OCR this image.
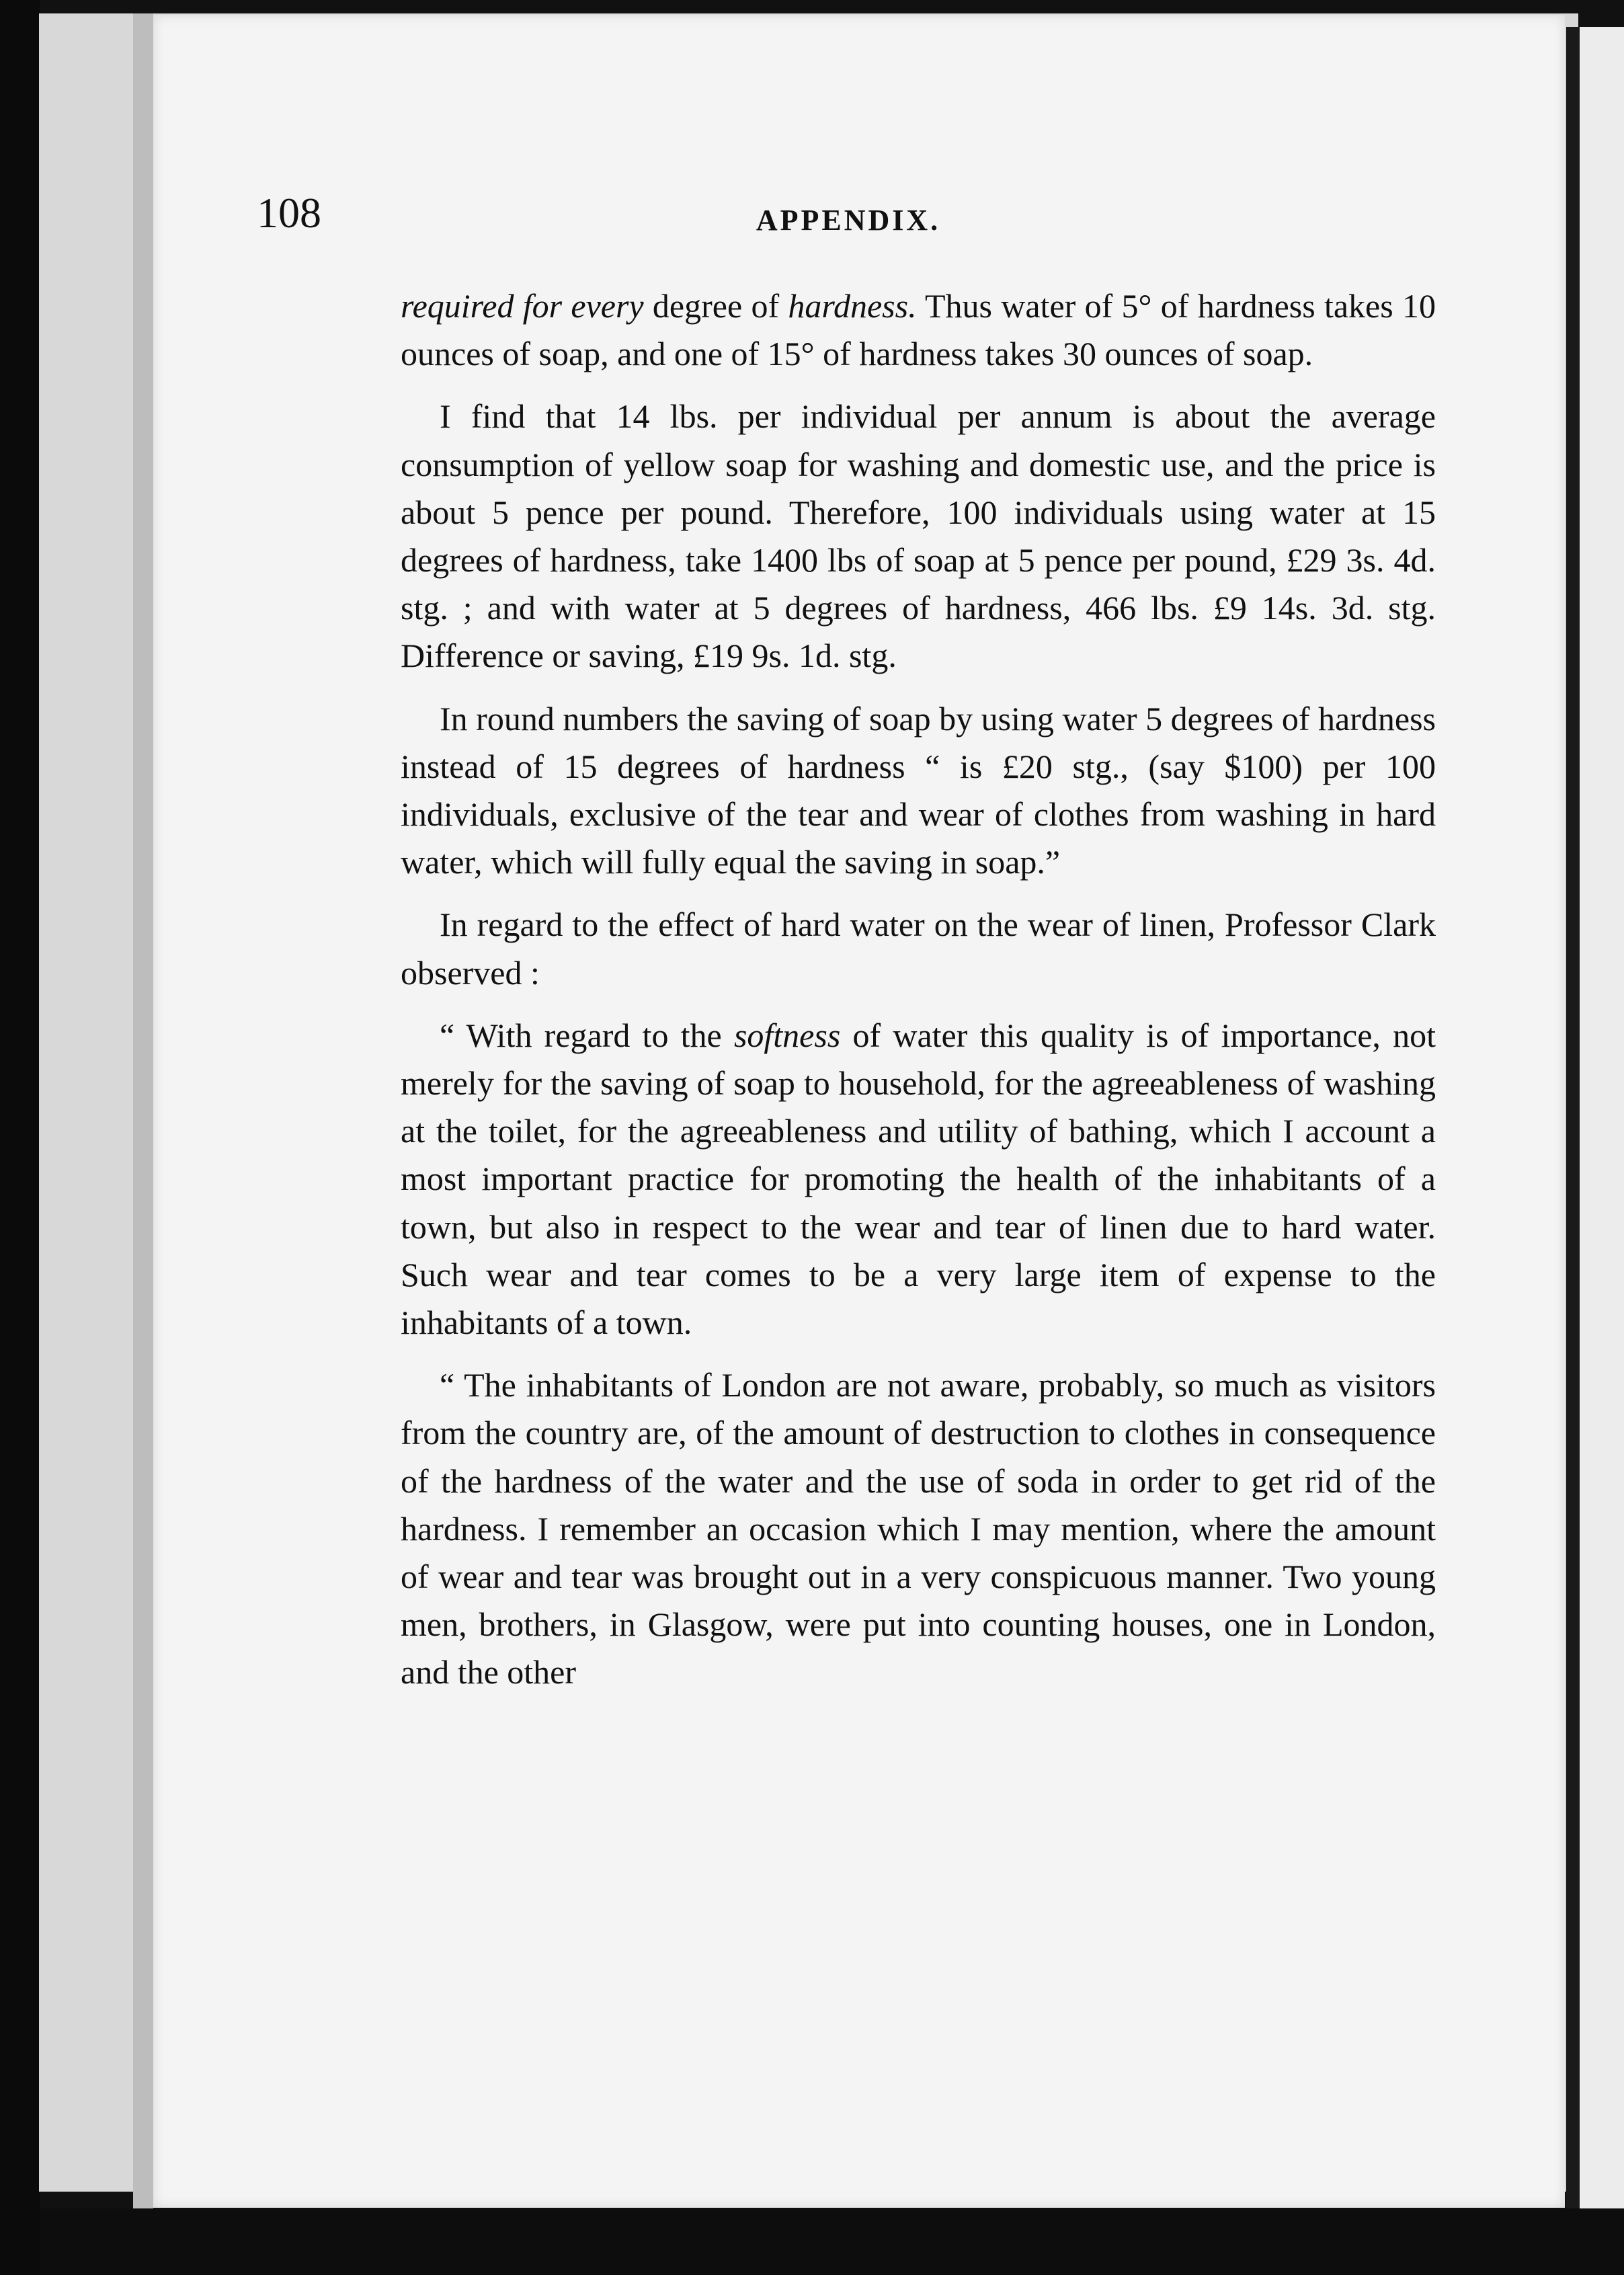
108	APPENDIX.

required for every degree of hardness. Thus water of 5° of hardness takes 10 ounces of soap, and one of 15° of hardness takes 30 ounces of soap.

I find that 14 lbs. per individual per annum is about the average consumption of yellow soap for washing and domestic use, and the price is about 5 pence per pound. Therefore, 100 individuals using water at 15 degrees of hardness, take 1400 lbs of soap at 5 pence per pound, £29 3s. 4d. stg. ; and with water at 5 degrees of hardness, 466 lbs. £9 14s. 3d. stg. Difference or saving, £19 9s. 1d. stg.

In round numbers the saving of soap by using water 5 degrees of hardness instead of 15 degrees of hardness “ is £20 stg., (say $100) per 100 individuals, exclusive of the tear and wear of clothes from washing in hard water, which will fully equal the saving in soap.”

In regard to the effect of hard water on the wear of linen, Professor Clark observed :

“ With regard to the softness of water this quality is of importance, not merely for the saving of soap to household, for the agreeableness of washing at the toilet, for the agreeableness and utility of bathing, which I account a most important practice for promoting the health of the inhabitants of a town, but also in respect to the wear and tear of linen due to hard water. Such wear and tear comes to be a very large item of expense to the inhabitants of a town.

“ The inhabitants of London are not aware, probably, so much as visitors from the country are, of the amount of destruction to clothes in consequence of the hardness of the water and the use of soda in order to get rid of the hardness. I remember an occasion which I may mention, where the amount of wear and tear was brought out in a very conspicuous manner. Two young men, brothers, in Glasgow, were put into counting houses, one in London, and the other
